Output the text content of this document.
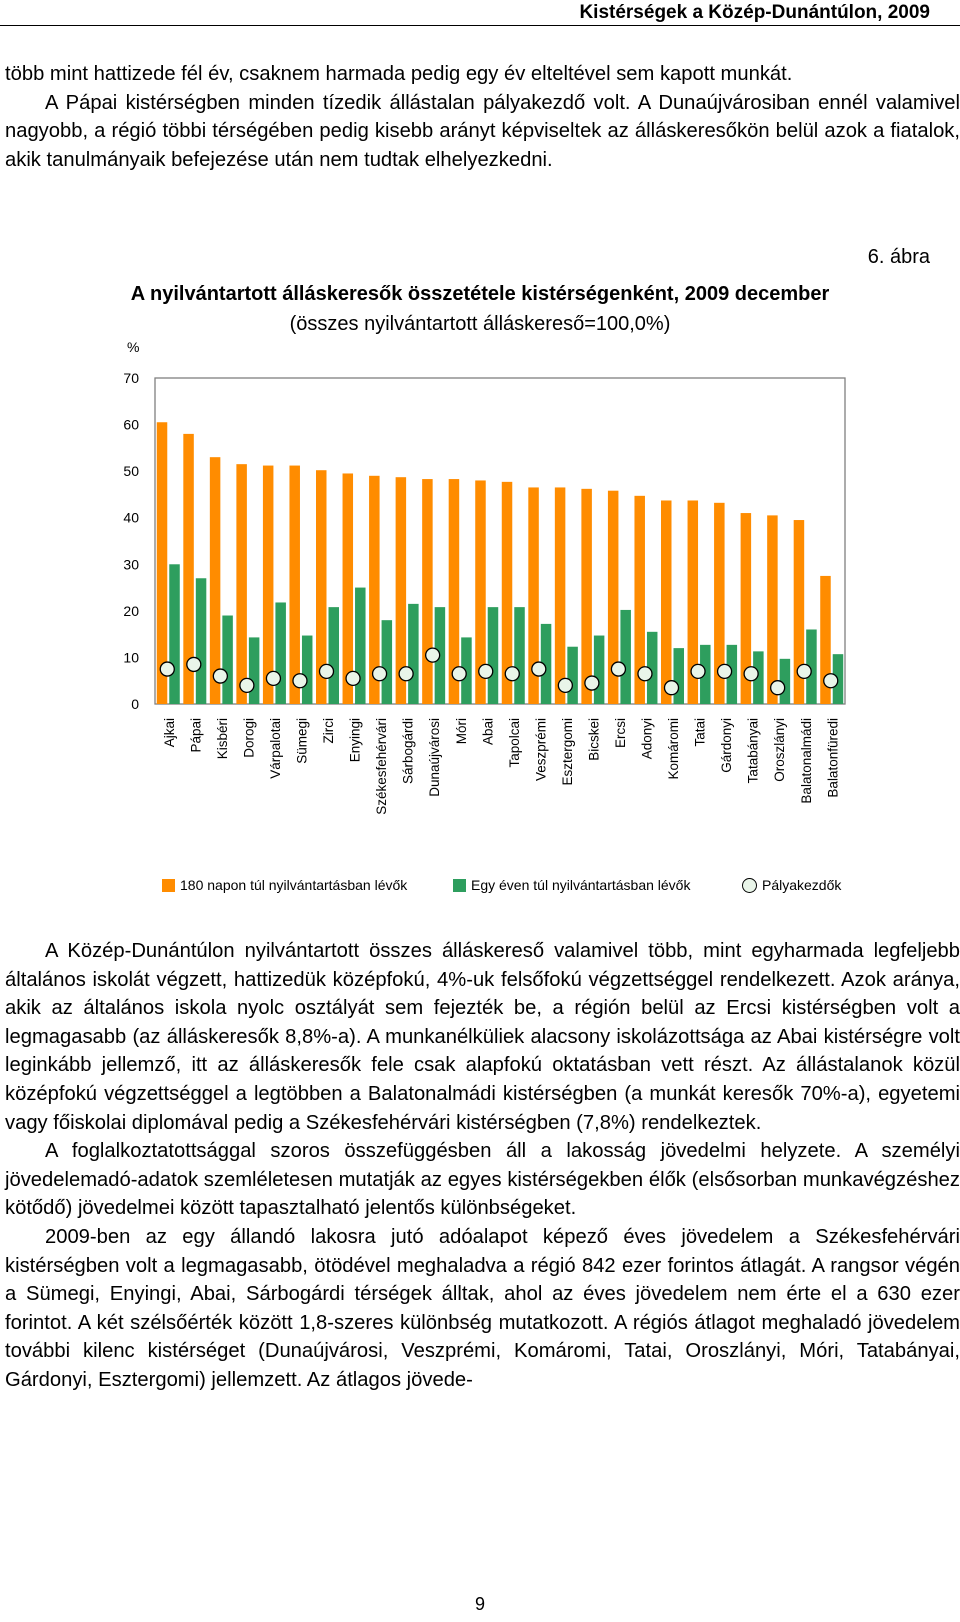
Kistérségek a Közép-Dunántúlon, 2009

több mint hattizede fél év, csaknem harmada pedig egy év elteltével sem kapott munkát.

A Pápai kistérségben minden tízedik állástalan pályakezdő volt. A Dunaújvárosiban ennél valamivel nagyobb, a régió többi térségében pedig kisebb arányt képviseltek az álláskeresőkön belül azok a fiatalok, akik tanulmányaik befejezése után nem tudtak elhelyezkedni.

6. ábra
A nyilvántartott álláskeresők összetétele kistérségenként, 2009 december
(összes nyilvántartott álláskereső=100,0%)
0
10
20
30
40
50
60
70
%
Ajkai Pápai Kisbéri Dorogi Várpalotai Sümegi Zirci Enyingi Székesfehérvári Sárbogárdi Dunaújvárosi Móri Abai Tapolcai Veszprémi Esztergomi Bicskei Ercsi Adonyi Komáromi Tatai Gárdonyi Tatabányai Oroszlányi Balatonalmádi Balatonfüredi
180 napon túl nyilvántartásban lévők	Egy éven túl nyilvántartásban lévők	Pályakezdők

A Közép-Dunántúlon nyilvántartott összes álláskereső valamivel több, mint egyharmada legfeljebb általános iskolát végzett, hattizedük középfokú, 4%-uk felsőfokú végzettséggel rendelkezett. Azok aránya, akik az általános iskola nyolc osztályát sem fejezték be, a régión belül az Ercsi kistérségben volt a legmagasabb (az álláskeresők 8,8%-a). A munkanélküliek alacsony iskolázottsága az Abai kistérségre volt leginkább jellemző, itt az álláskeresők fele csak alapfokú oktatásban vett részt. Az állástalanok közül középfokú végzettséggel a legtöbben a Balatonalmádi kistérségben (a munkát keresők 70%-a), egyetemi vagy főiskolai diplomával pedig a Székesfehérvári kistérségben (7,8%) rendelkeztek.

A foglalkoztatottsággal szoros összefüggésben áll a lakosság jövedelmi helyzete. A személyi jövedelemadó-adatok szemléletesen mutatják az egyes kistérségekben élők (elsősorban munkavégzéshez kötődő) jövedelmei között tapasztalható jelentős különbségeket.

2009-ben az egy állandó lakosra jutó adóalapot képező éves jövedelem a Székesfehérvári kistérségben volt a legmagasabb, ötödével meghaladva a régió 842 ezer forintos átlagát. A rangsor végén a Sümegi, Enyingi, Abai, Sárbogárdi térségek álltak, ahol az éves jövedelem nem érte el a 630 ezer forintot. A két szélsőérték között 1,8-szeres különbség mutatkozott. A régiós átlagot meghaladó jövedelem további kilenc kistérséget (Dunaújvárosi, Veszprémi, Komáromi, Tatai, Oroszlányi, Móri, Tatabányai, Gárdonyi, Esztergomi) jellemzett. Az átlagos jövede-

9
